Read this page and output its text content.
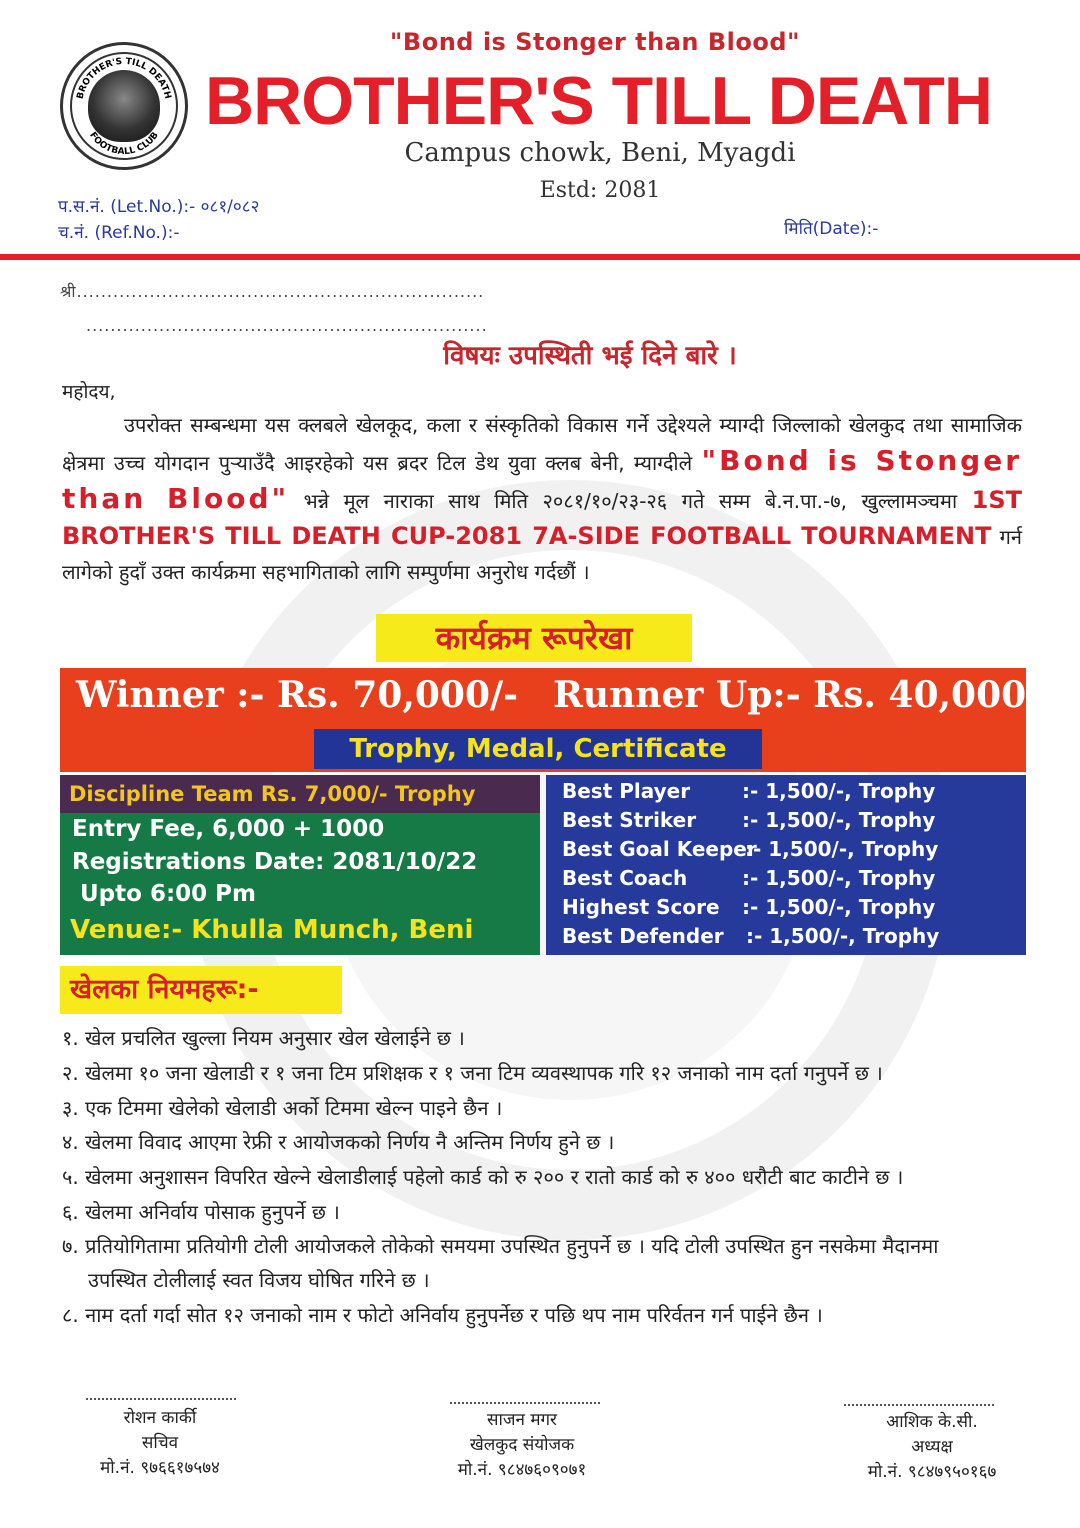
BROTHER'S TILL DEATH
FOOTBALL CLUB
"Bond is Stonger than Blood"
BROTHER'S TILL DEATH
Campus chowk, Beni, Myagdi
Estd: 2081
प.स.नं. (Let.No.):- ०८१/०८२
च.नं. (Ref.No.):-	मिति(Date):-
श्री...................................................................
..................................................................
विषयः उपस्थिती भई दिने बारे ।
महोदय,
उपरोक्त सम्बन्धमा यस क्लबले खेलकूद, कला र संस्कृतिको विकास गर्ने उद्देश्यले म्याग्दी जिल्लाको खेलकुद तथा सामाजिक क्षेत्रमा उच्च योगदान पुऱ्याउँदै आइरहेको यस ब्रदर टिल डेथ युवा क्लब बेनी, म्याग्दीले "Bond is Stonger than Blood" भन्ने मूल नाराका साथ मिति २०८१/१०/२३-२६ गते सम्म बे.न.पा.-७, खुल्लामञ्चमा 1ST BROTHER'S TILL DEATH CUP-2081 7A-SIDE FOOTBALL TOURNAMENT गर्न लागेको हुदाँ उक्त कार्यक्रमा सहभागिताको लागि सम्पुर्णमा अनुरोध गर्दछौं ।
कार्यक्रम रूपरेखा
Winner :- Rs. 70,000/- Runner Up:- Rs. 40,000/-
Trophy, Medal, Certificate
Discipline Team Rs. 7,000/- Trophy
Entry Fee, 6,000 + 1000
Registrations Date: 2081/10/22
Upto 6:00 Pm
Venue:- Khulla Munch, Beni
Best Player	:- 1,500/-, Trophy
Best Striker :- 1,500/-, Trophy
Best Goal Keeper
:- 1,500/-, Trophy
Best Coach	:- 1,500/-, Trophy
Highest Score :- 1,500/-, Trophy
Best Defender :- 1,500/-, Trophy
खेलका नियमहरू:-
१. खेल प्रचलित खुल्ला नियम अनुसार खेल खेलाईने छ ।
२. खेलमा १० जना खेलाडी र १ जना टिम प्रशिक्षक र १ जना टिम व्यवस्थापक गरि १२ जनाको नाम दर्ता गनुपर्ने छ ।
३. एक टिममा खेलेको खेलाडी अर्को टिममा खेल्न पाइने छैन ।
४. खेलमा विवाद आएमा रेफ्री र आयोजकको निर्णय नै अन्तिम निर्णय हुने छ ।
५. खेलमा अनुशासन विपरित खेल्ने खेलाडीलाई पहेलो कार्ड को रु २०० र रातो कार्ड को रु ४०० धरौटी बाट काटीने छ ।
६. खेलमा अनिर्वाय पोसाक हुनुपर्ने छ ।
७. प्रतियोगितामा प्रतियोगी टोली आयोजकले तोकेको समयमा उपस्थित हुनुपर्ने छ । यदि टोली उपस्थित हुन नसकेमा मैदानमा
उपस्थित टोलीलाई स्वत विजय घोषित गरिने छ ।
८. नाम दर्ता गर्दा सोत १२ जनाको नाम र फोटो अनिर्वाय हुनुपर्नेछ र पछि थप नाम परिर्वतन गर्न पाईने छैन ।
रोशन कार्की
सचिव
मो.नं. ९७६६१७५७४
साजन मगर
खेलकुद संयोजक
मो.नं. ९८४७६०९०७१
आशिक के.सी.
अध्यक्ष
मो.नं. ९८४७९५०१६७
